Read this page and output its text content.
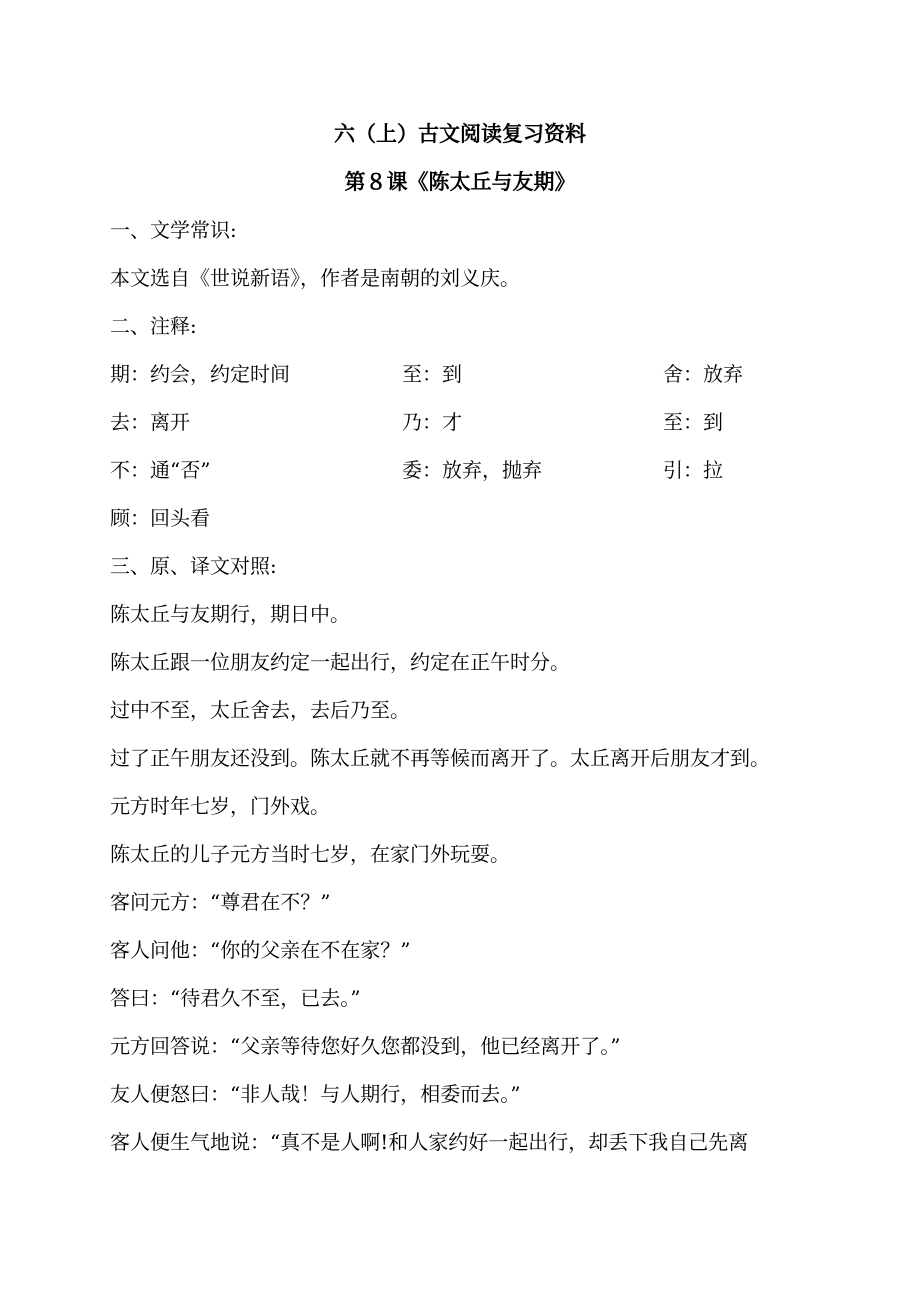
六（上）古文阅读复习资料
第８课《陈太丘与友期》
一、文学常识:
本文选自《世说新语》，作者是南朝的刘义庆。
二、注释:
期：约会，约定时间	至：到	舍：放弃
去：离开	乃：才	至：到
不：通“否”	委：放弃，抛弃	引：拉
顾：回头看
三、原、译文对照:
陈太丘与友期行，期日中。
陈太丘跟一位朋友约定一起出行，约定在正午时分。
过中不至，太丘舍去，去后乃至。
过了正午朋友还没到。陈太丘就不再等候而离开了。太丘离开后朋友才到。
元方时年七岁，门外戏。
陈太丘的儿子元方当时七岁，在家门外玩耍。
客问元方：“尊君在不？”
客人问他：“你的父亲在不在家？”
答曰：“待君久不至，已去。”
元方回答说：“父亲等待您好久您都没到，他已经离开了。”
友人便怒曰：“非人哉！与人期行，相委而去。”
客人便生气地说：“真不是人啊!和人家约好一起出行，却丢下我自己先离
